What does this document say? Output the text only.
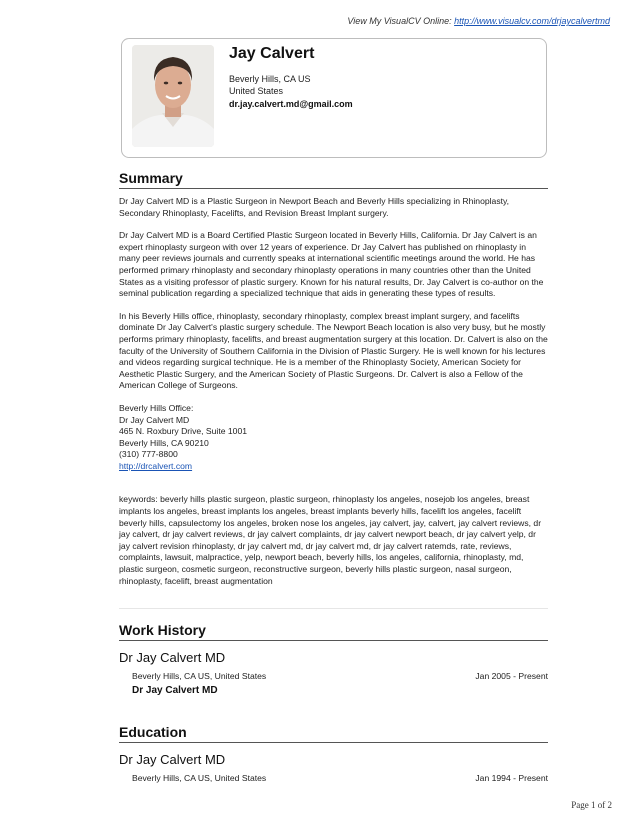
View My VisualCV Online: http://www.visualcv.com/drjaycalvertmd
Jay Calvert
Beverly Hills, CA US
United States
dr.jay.calvert.md@gmail.com
Summary

Dr Jay Calvert MD is a Plastic Surgeon in Newport Beach and Beverly Hills specializing in Rhinoplasty, Secondary Rhinoplasty, Facelifts, and Revision Breast Implant surgery.

Dr Jay Calvert MD is a Board Certified Plastic Surgeon located in Beverly Hills, California. Dr Jay Calvert is an expert rhinoplasty surgeon with over 12 years of experience. Dr Jay Calvert has published on rhinoplasty in many peer reviews journals and currently speaks at international scientific meetings around the world. He has performed primary rhinoplasty and secondary rhinoplasty operations in many countries other than the United States as a visiting professor of plastic surgery. Known for his natural results, Dr. Jay Calvert is co-author on the seminal publication regarding a specialized technique that aids in generating these types of results.

In his Beverly Hills office, rhinoplasty, secondary rhinoplasty, complex breast implant surgery, and facelifts dominate Dr Jay Calvert's plastic surgery schedule. The Newport Beach location is also very busy, but he mostly performs primary rhinoplasty, facelifts, and breast augmentation surgery at this location. Dr. Calvert is also on the faculty of the University of Southern California in the Division of Plastic Surgery. He is well known for his lectures and videos regarding surgical technique. He is a member of the Rhinoplasty Society, American Society for Aesthetic Plastic Surgery, and the American Society of Plastic Surgeons. Dr. Calvert is also a Fellow of the American College of Surgeons.

Beverly Hills Office:
Dr Jay Calvert MD
465 N. Roxbury Drive, Suite 1001
Beverly Hills, CA 90210
(310) 777-8800
http://drcalvert.com

keywords: beverly hills plastic surgeon, plastic surgeon, rhinoplasty los angeles, nosejob los angeles, breast implants los angeles, breast implants los angeles, breast implants beverly hills, facelift los angeles, facelift beverly hills, capsulectomy los angeles, broken nose los angeles, jay calvert, jay, calvert, jay calvert reviews, dr jay calvert, dr jay calvert reviews, dr jay calvert complaints, dr jay calvert newport beach, dr jay calvert yelp, dr jay calvert revision rhinoplasty, dr jay calvert md, dr jay calvert md, dr jay calvert ratemds, rate, reviews, complaints, lawsuit, malpractice, yelp, newport beach, beverly hills, los angeles, california, rhinoplasty, md, plastic surgeon, cosmetic surgeon, reconstructive surgeon, beverly hills plastic surgeon, nasal surgeon, rhinoplasty, facelift, breast augmentation

Work History
Dr Jay Calvert MD
Beverly Hills, CA US, United States	Jan 2005 - Present
Dr Jay Calvert MD
Education
Dr Jay Calvert MD
Beverly Hills, CA US, United States	Jan 1994 - Present
Page 1 of 2
